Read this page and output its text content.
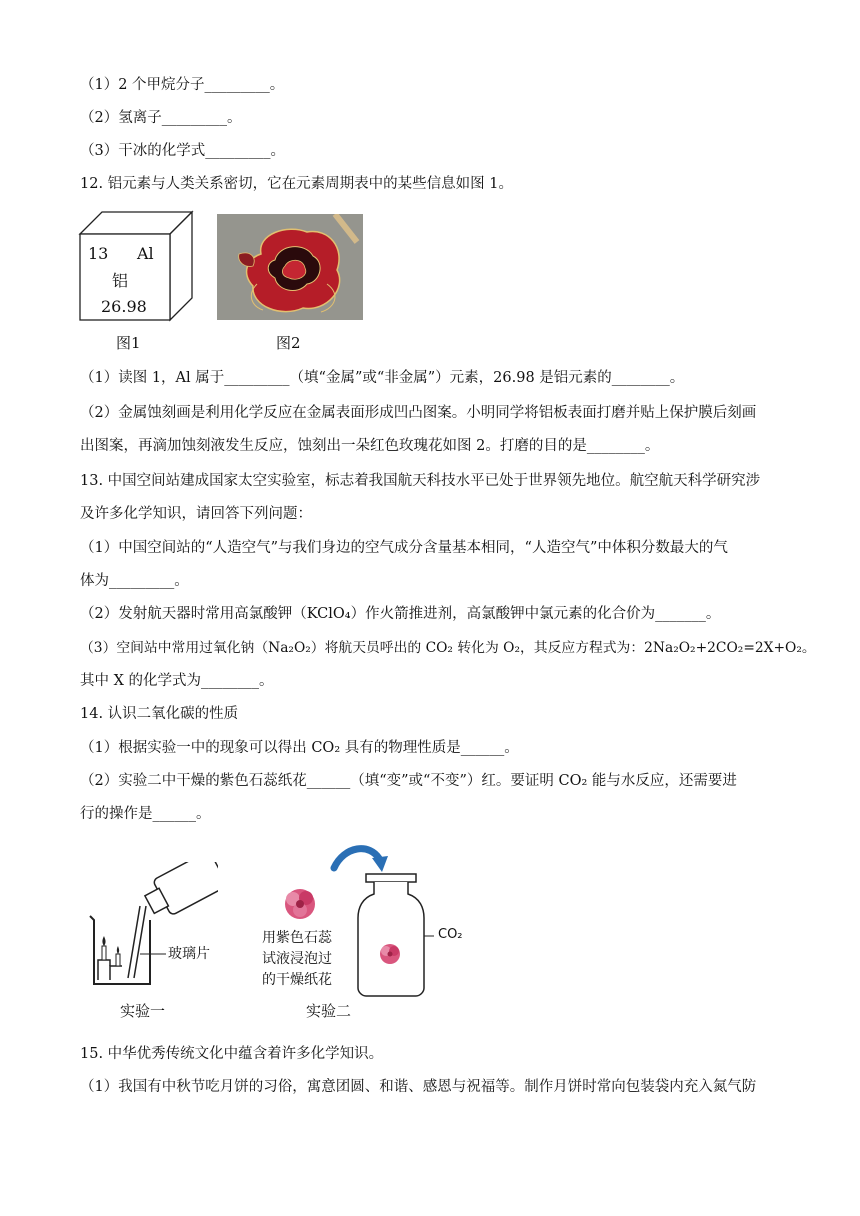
（1）2 个甲烷分子_________。
（2）氢离子_________。
（3）干冰的化学式_________。
12. 铝元素与人类关系密切，它在元素周期表中的某些信息如图 1。
13 Al
铝
26.98
图1	图2
（1）读图 1，Al 属于_________（填“金属”或“非金属”）元素，26.98 是铝元素的________。
（2）金属蚀刻画是利用化学反应在金属表面形成凹凸图案。小明同学将铝板表面打磨并贴上保护膜后刻画
出图案，再滴加蚀刻液发生反应，蚀刻出一朵红色玫瑰花如图 2。打磨的目的是________。
13. 中国空间站建成国家太空实验室，标志着我国航天科技水平已处于世界领先地位。航空航天科学研究涉
及许多化学知识，请回答下列问题：
（1）中国空间站的“人造空气”与我们身边的空气成分含量基本相同，“人造空气”中体积分数最大的气
体为_________。
（2）发射航天器时常用高氯酸钾（KClO₄）作火箭推进剂，高氯酸钾中氯元素的化合价为_______。
（3）空间站中常用过氧化钠（Na₂O₂）将航天员呼出的 CO₂ 转化为 O₂，其反应方程式为：2Na₂O₂+2CO₂=2X+O₂。
其中 X 的化学式为________。
14. 认识二氧化碳的性质
（1）根据实验一中的现象可以得出 CO₂ 具有的物理性质是______。
（2）实验二中干燥的紫色石蕊纸花______（填“变”或“不变”）红。要证明 CO₂ 能与水反应，还需要进
行的操作是______。
玻璃片
实验一
用紫色石蕊
试液浸泡过
的干燥纸花
CO₂
实验二
15. 中华优秀传统文化中蕴含着许多化学知识。
（1）我国有中秋节吃月饼的习俗，寓意团圆、和谐、感恩与祝福等。制作月饼时常向包装袋内充入氮气防
